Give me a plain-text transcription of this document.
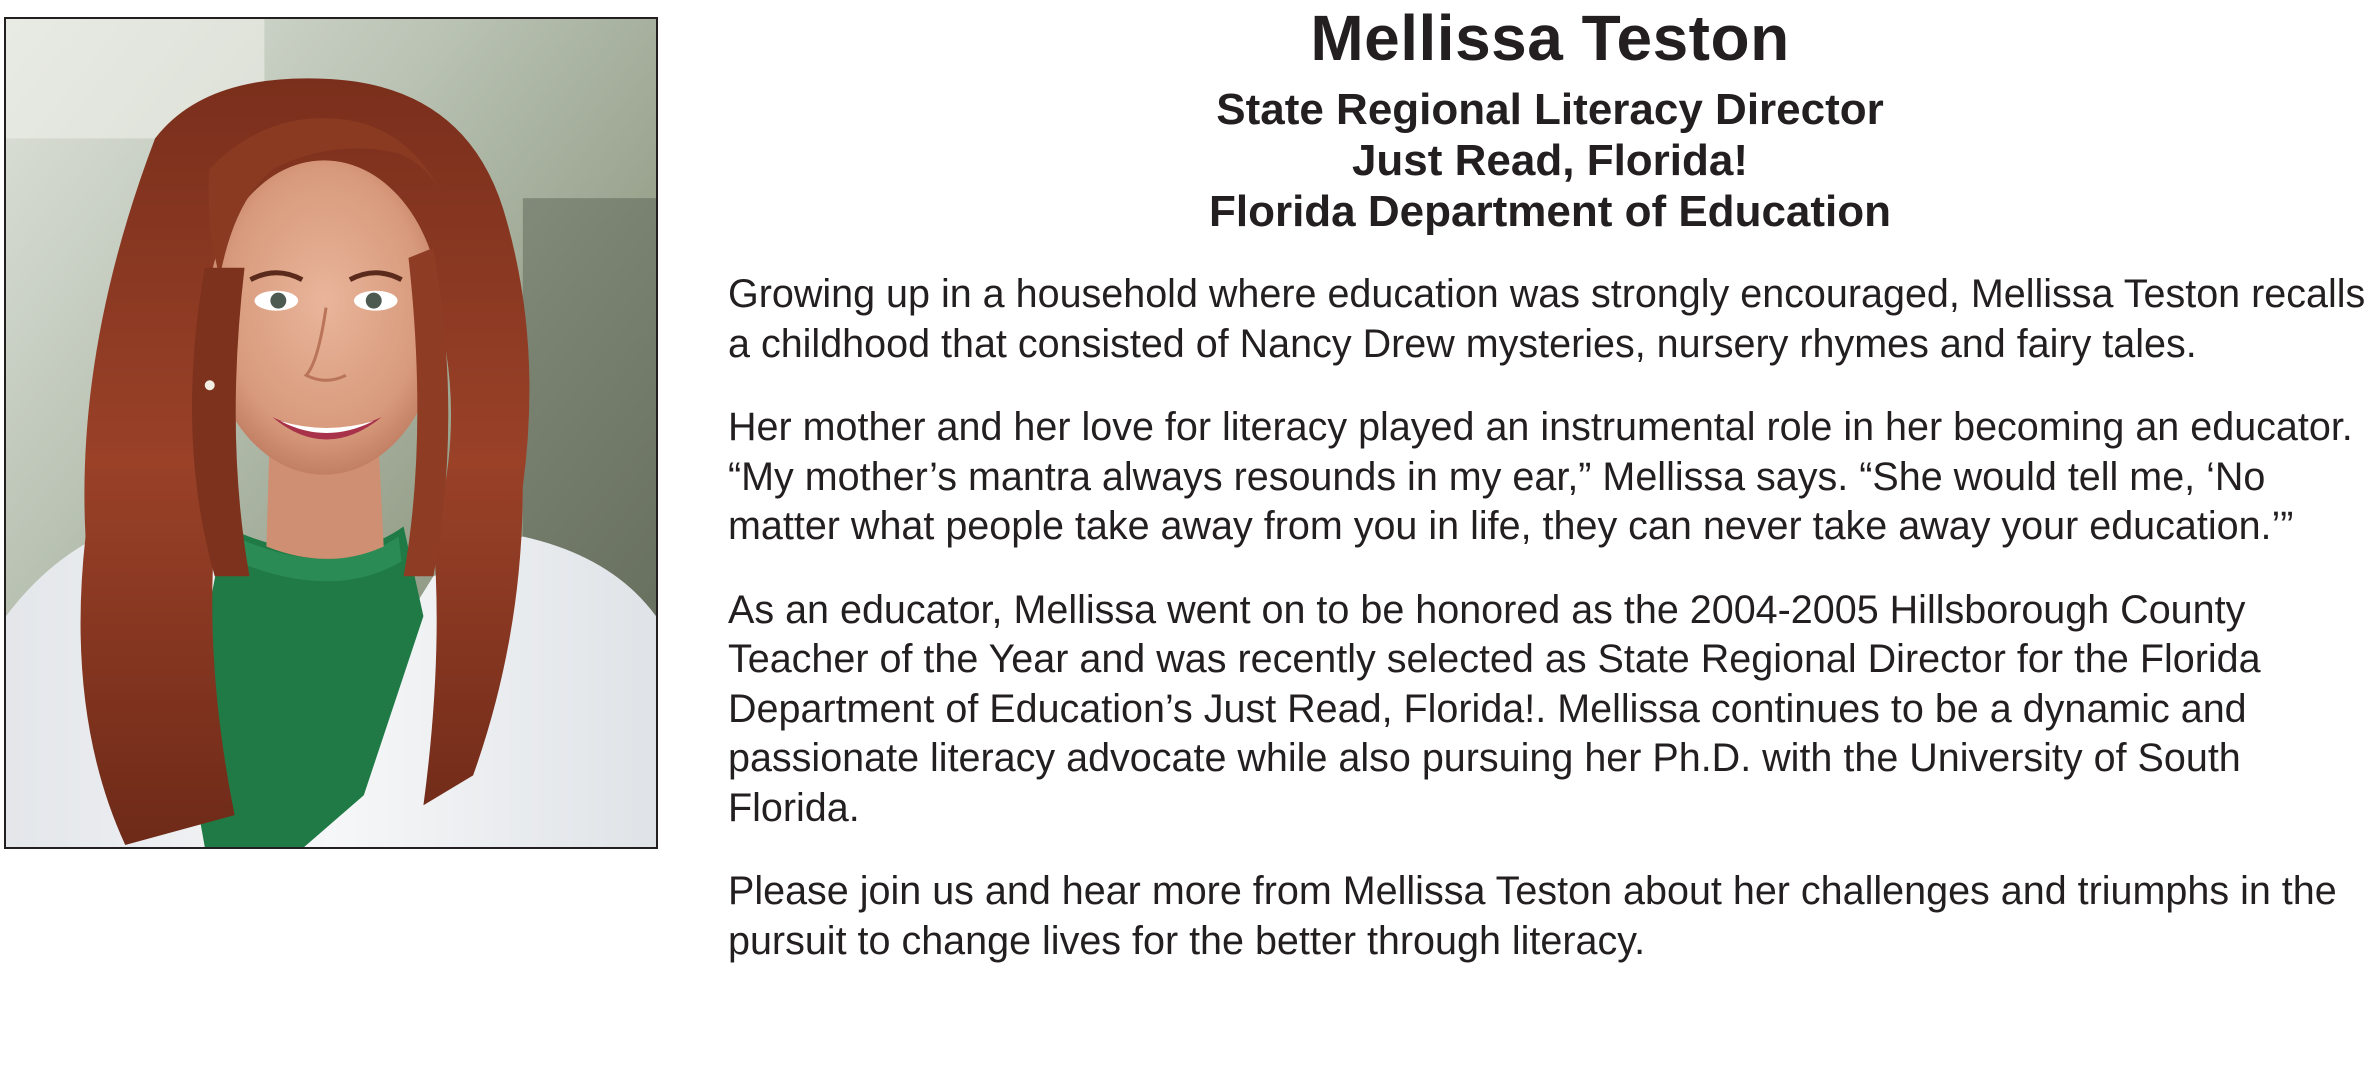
Mellissa Teston

State Regional Literacy Director

Just Read, Florida!

Florida Department of Education

Growing up in a household where education was strongly encouraged, Mellissa Teston recalls a childhood that consisted of Nancy Drew mysteries, nursery rhymes and fairy tales.

Her mother and her love for literacy played an instrumental role in her becoming an educator. “My mother’s mantra always resounds in my ear,” Mellissa says. “She would tell me, ‘No matter what people take away from you in life, they can never take away your education.’”

As an educator, Mellissa went on to be honored as the 2004-2005 Hillsborough County Teacher of the Year and was recently selected as State Regional Director for the Florida Department of Education’s Just Read, Florida!. Mellissa continues to be a dynamic and passionate literacy advocate while also pursuing her Ph.D. with the University of South Florida.

Please join us and hear more from Mellissa Teston about her challenges and triumphs in the pursuit to change lives for the better through literacy.
